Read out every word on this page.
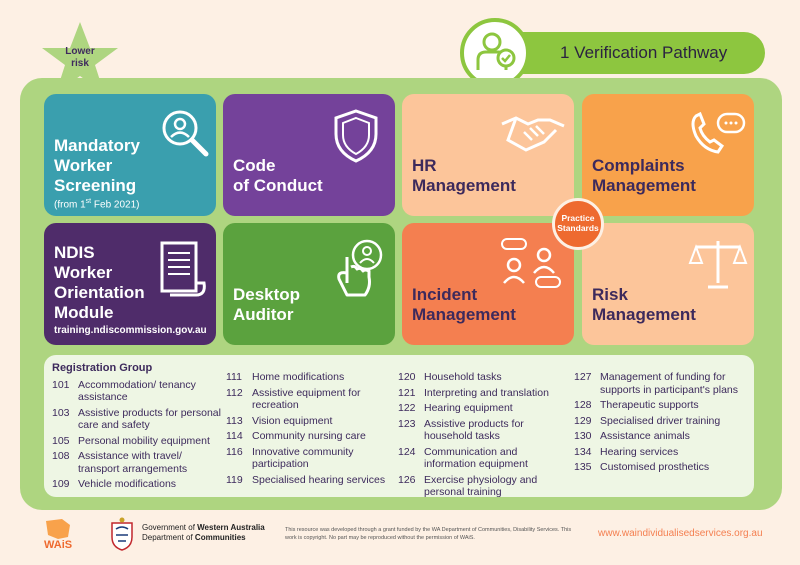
Lower
risk
1 Verification Pathway
Mandatory
Worker
Screening
(from 1st Feb 2021)
Code
of Conduct
HR
Management
Complaints
Management
NDIS
Worker
Orientation
Module
training.ndiscommission.gov.au
Desktop
Auditor
Incident
Management
Risk
Management
Practice
Standards
Registration Group
101 Accommodation/ tenancy assistance
103 Assistive products for personal care and safety
105 Personal mobility equipment
108 Assistance with travel/ transport arrangements
109 Vehicle modifications
111 Home modifications
112 Assistive equipment for recreation
113 Vision equipment
114 Community nursing care
116 Innovative community participation
119 Specialised hearing services
120 Household tasks
121 Interpreting and translation
122 Hearing equipment
123 Assistive products for household tasks
124 Communication and information equipment
126 Exercise physiology and personal training
127 Management of funding for supports in participant's plans
128 Therapeutic supports
129 Specialised driver training
130 Assistance animals
134 Hearing services
135 Customised prosthetics
WAiS
Government of Western Australia
Department of Communities
This resource was developed through a grant funded by the WA Department of Communities, Disability Services. This work is copyright. No part may be reproduced without the permission of WAiS.	www.waindividualisedservices.org.au
